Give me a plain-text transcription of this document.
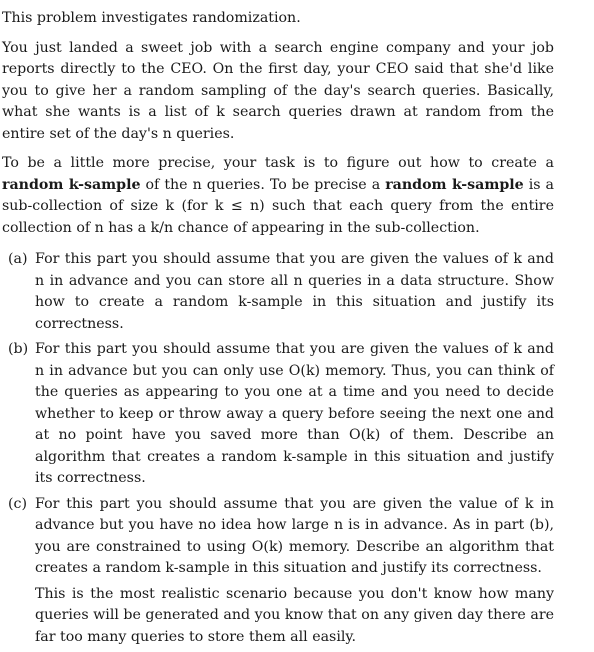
This problem investigates randomization.

You just landed a sweet job with a search engine company and your job reports directly to the CEO. On the first day, your CEO said that she'd like you to give her a random sampling of the day's search queries. Basically, what she wants is a list of k search queries drawn at random from the entire set of the day's n queries.

To be a little more precise, your task is to figure out how to create a random k-sample of the n queries. To be precise a random k-sample is a sub-collection of size k (for k ≤ n) such that each query from the entire collection of n has a k/n chance of appearing in the sub-collection.

(a) For this part you should assume that you are given the values of k and n in advance and you can store all n queries in a data structure. Show how to create a random k-sample in this situation and justify its correctness.
(b) For this part you should assume that you are given the values of k and n in advance but you can only use O(k) memory. Thus, you can think of the queries as appearing to you one at a time and you need to decide whether to keep or throw away a query before seeing the next one and at no point have you saved more than O(k) of them. Describe an algorithm that creates a random k-sample in this situation and justify its correctness.
(c) For this part you should assume that you are given the value of k in advance but you have no idea how large n is in advance. As in part (b), you are constrained to using O(k) memory. Describe an algorithm that creates a random k-sample in this situation and justify its correctness.
This is the most realistic scenario because you don't know how many queries will be generated and you know that on any given day there are far too many queries to store them all easily.
